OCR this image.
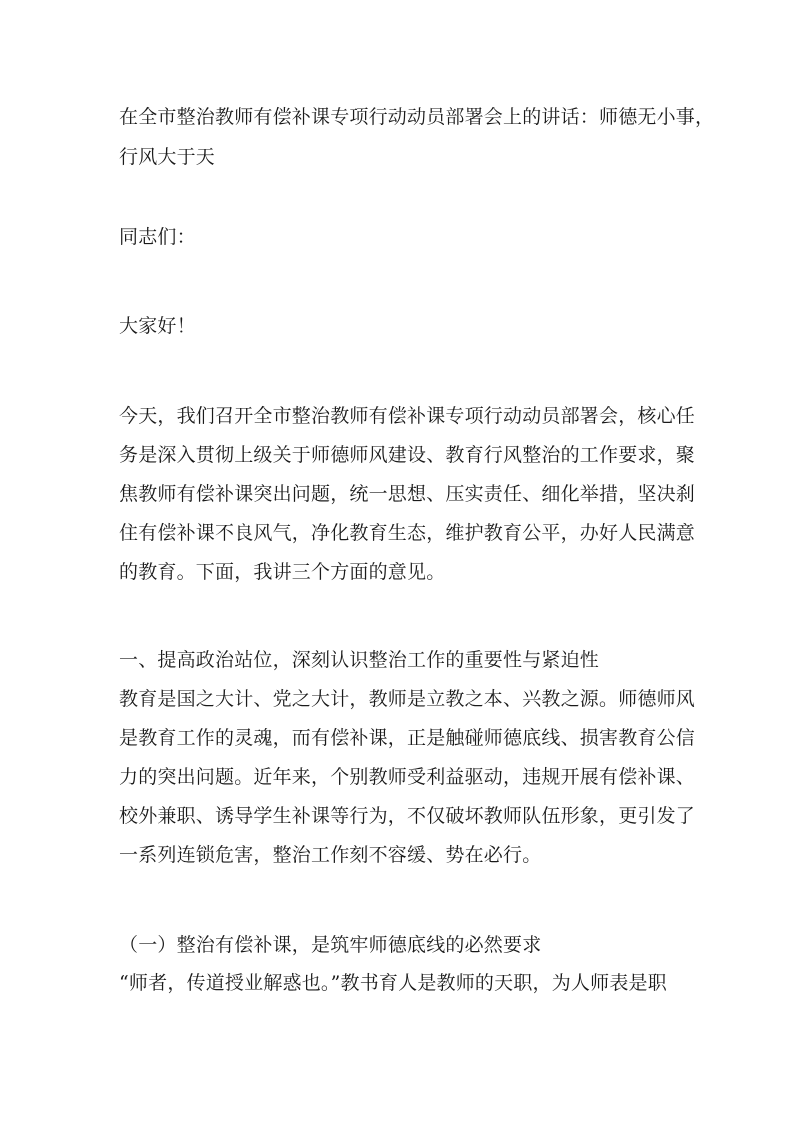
在全市整治教师有偿补课专项行动动员部署会上的讲话：师德无小事，
行风大于天
同志们：
大家好！
今天，我们召开全市整治教师有偿补课专项行动动员部署会，核心任
务是深入贯彻上级关于师德师风建设、教育行风整治的工作要求，聚
焦教师有偿补课突出问题，统一思想、压实责任、细化举措，坚决刹
住有偿补课不良风气，净化教育生态，维护教育公平，办好人民满意
的教育。下面，我讲三个方面的意见。
一、提高政治站位，深刻认识整治工作的重要性与紧迫性
教育是国之大计、党之大计，教师是立教之本、兴教之源。师德师风
是教育工作的灵魂，而有偿补课，正是触碰师德底线、损害教育公信
力的突出问题。近年来，个别教师受利益驱动，违规开展有偿补课、
校外兼职、诱导学生补课等行为，不仅破坏教师队伍形象，更引发了
一系列连锁危害，整治工作刻不容缓、势在必行。
（一）整治有偿补课，是筑牢师德底线的必然要求
“师者，传道授业解惑也。”教书育人是教师的天职，为人师表是职
